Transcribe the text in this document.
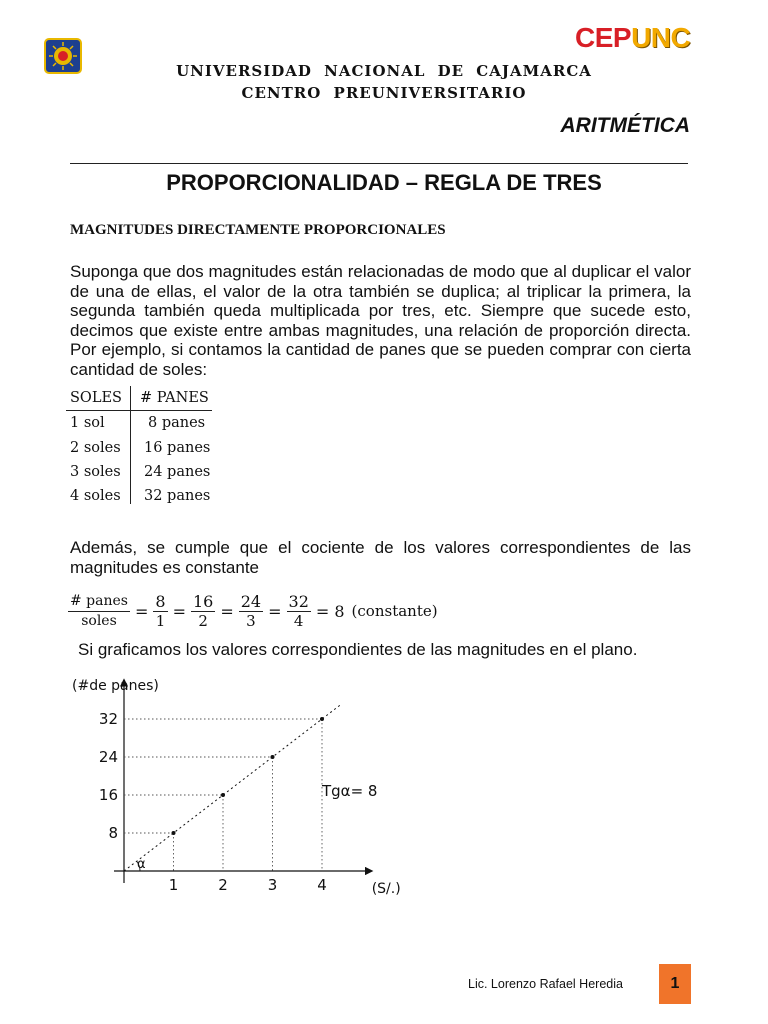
CEP UNC
UNIVERSIDAD NACIONAL DE CAJAMARCA
CENTRO PREUNIVERSITARIO
ARITMÉTICA
PROPORCIONALIDAD – REGLA DE TRES
MAGNITUDES DIRECTAMENTE PROPORCIONALES

Suponga que dos magnitudes están relacionadas de modo que al duplicar el valor de una de ellas, el valor de la otra también se duplica; al triplicar la primera, la segunda también queda multiplicada por tres, etc. Siempre que sucede esto, decimos que existe entre ambas magnitudes, una relación de proporción directa. Por ejemplo, si contamos la cantidad de panes que se pueden comprar con cierta cantidad de soles:

SOLES	# PANES
1 sol	8 panes
2 soles	16 panes
3 soles	24 panes
4 soles	32 panes

Además, se cumple que el cociente de los valores correspondientes de las magnitudes es constante

$\frac{\text{\# panes}}{\text{soles}} = \frac{8}{1} = \frac{16}{2} = \frac{24}{3} = \frac{32}{4} = 8$ (constante)
Si graficamos los valores correspondientes de las magnitudes en el plano.
(#de panes)
(S/.)
1
8
2
16
3
24
4
32
α
Tgα= 8
Lic. Lorenzo Rafael Heredia	1
